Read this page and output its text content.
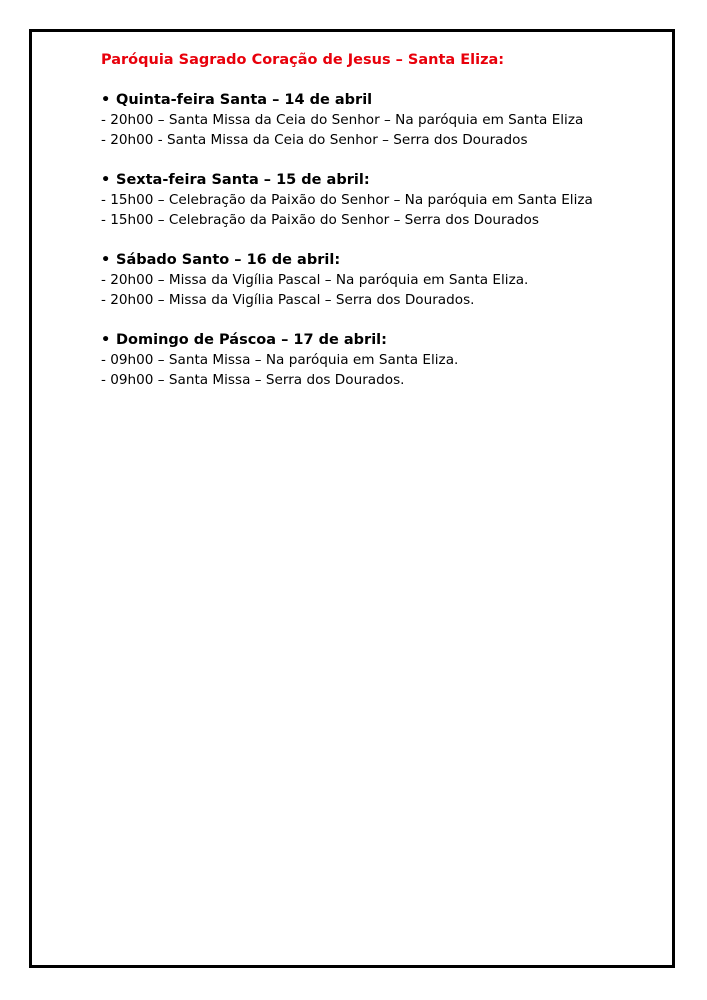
Paróquia Sagrado Coração de Jesus – Santa Eliza:
• Quinta-feira Santa – 14 de abril
- 20h00 – Santa Missa da Ceia do Senhor – Na paróquia em Santa Eliza
- 20h00 - Santa Missa da Ceia do Senhor – Serra dos Dourados
• Sexta-feira Santa – 15 de abril:
- 15h00 – Celebração da Paixão do Senhor – Na paróquia em Santa Eliza
- 15h00 – Celebração da Paixão do Senhor – Serra dos Dourados
• Sábado Santo – 16 de abril:
- 20h00 – Missa da Vigília Pascal – Na paróquia em Santa Eliza.
- 20h00 – Missa da Vigília Pascal – Serra dos Dourados.
• Domingo de Páscoa – 17 de abril:
- 09h00 – Santa Missa – Na paróquia em Santa Eliza.
- 09h00 – Santa Missa – Serra dos Dourados.
